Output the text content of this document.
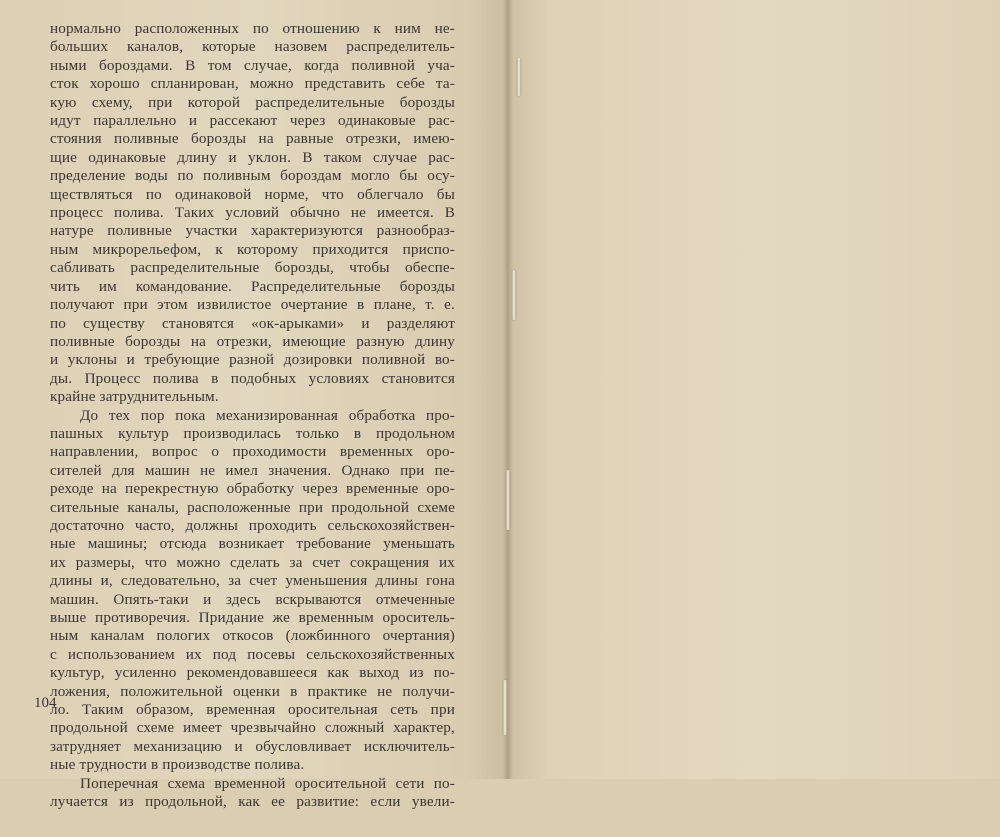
нормально расположенных по отношению к ним не-
больших каналов, которые назовем распределитель-
ными бороздами. В том случае, когда поливной уча-
сток хорошо спланирован, можно представить себе та-
кую схему, при которой распределительные борозды
идут параллельно и рассекают через одинаковые рас-
стояния поливные борозды на равные отрезки, имею-
щие одинаковые длину и уклон. В таком случае рас-
пределение воды по поливным бороздам могло бы осу-
ществляться по одинаковой норме, что облегчало бы
процесс полива. Таких условий обычно не имеется. В
натуре поливные участки характеризуются разнообраз-
ным микрорельефом, к которому приходится приспо-
сабливать распределительные борозды, чтобы обеспе-
чить им командование. Распределительные борозды
получают при этом извилистое очертание в плане, т. е.
по существу становятся «ок-арыками» и разделяют
поливные борозды на отрезки, имеющие разную длину
и уклоны и требующие разной дозировки поливной во-
ды. Процесс полива в подобных условиях становится
крайне затруднительным.
До тех пор пока механизированная обработка про-
пашных культур производилась только в продольном
направлении, вопрос о проходимости временных оро-
сителей для машин не имел значения. Однако при пе-
реходе на перекрестную обработку через временные оро-
сительные каналы, расположенные при продольной схеме
достаточно часто, должны проходить сельскохозяйствен-
ные машины; отсюда возникает требование уменьшать
их размеры, что можно сделать за счет сокращения их
длины и, следовательно, за счет уменьшения длины гона
машин. Опять-таки и здесь вскрываются отмеченные
выше противоречия. Придание же временным ороситель-
ным каналам пологих откосов (ложбинного очертания)
с использованием их под посевы сельскохозяйственных
культур, усиленно рекомендовавшееся как выход из по-
ложения, положительной оценки в практике не получи-
ло. Таким образом, временная оросительная сеть при
продольной схеме имеет чрезвычайно сложный характер,
затрудняет механизацию и обусловливает исключитель-
ные трудности в производстве полива.
Поперечная схема временной оросительной сети по-
лучается из продольной, как ее развитие: если увели-
104
